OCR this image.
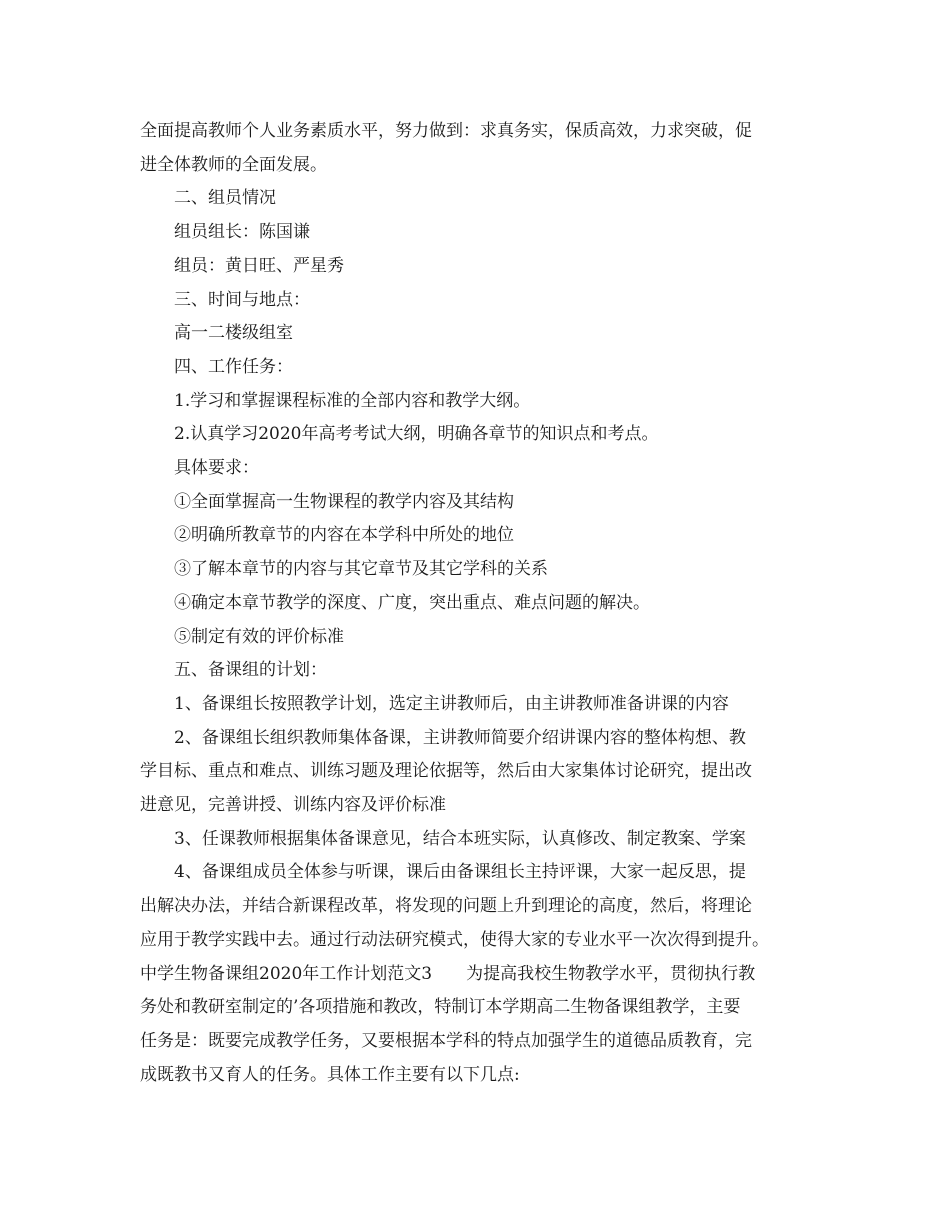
全面提高教师个人业务素质水平，努力做到：求真务实，保质高效，力求突破，促

进全体教师的全面发展。

二、组员情况

组员组长：陈国谦

组员：黄日旺、严星秀

三、时间与地点：

高一二楼级组室

四、工作任务：

1.学习和掌握课程标准的全部内容和教学大纲。

2.认真学习2020年高考考试大纲，明确各章节的知识点和考点。

具体要求：

①全面掌握高一生物课程的教学内容及其结构

②明确所教章节的内容在本学科中所处的地位

③了解本章节的内容与其它章节及其它学科的关系

④确定本章节教学的深度、广度，突出重点、难点问题的解决。

⑤制定有效的评价标准

五、备课组的计划：

1、备课组长按照教学计划，选定主讲教师后，由主讲教师准备讲课的内容

2、备课组长组织教师集体备课，主讲教师简要介绍讲课内容的整体构想、教

学目标、重点和难点、训练习题及理论依据等，然后由大家集体讨论研究，提出改

进意见，完善讲授、训练内容及评价标准

3、任课教师根据集体备课意见，结合本班实际，认真修改、制定教案、学案

4、备课组成员全体参与听课，课后由备课组长主持评课，大家一起反思，提

出解决办法，并结合新课程改革，将发现的问题上升到理论的高度，然后，将理论

应用于教学实践中去。通过行动法研究模式，使得大家的专业水平一次次得到提升。

中学生物备课组2020年工作计划范文3　　为提高我校生物教学水平，贯彻执行教

务处和教研室制定的’各项措施和教改，特制订本学期高二生物备课组教学，主要

任务是：既要完成教学任务，又要根据本学科的特点加强学生的道德品质教育，完

成既教书又育人的任务。具体工作主要有以下几点:
